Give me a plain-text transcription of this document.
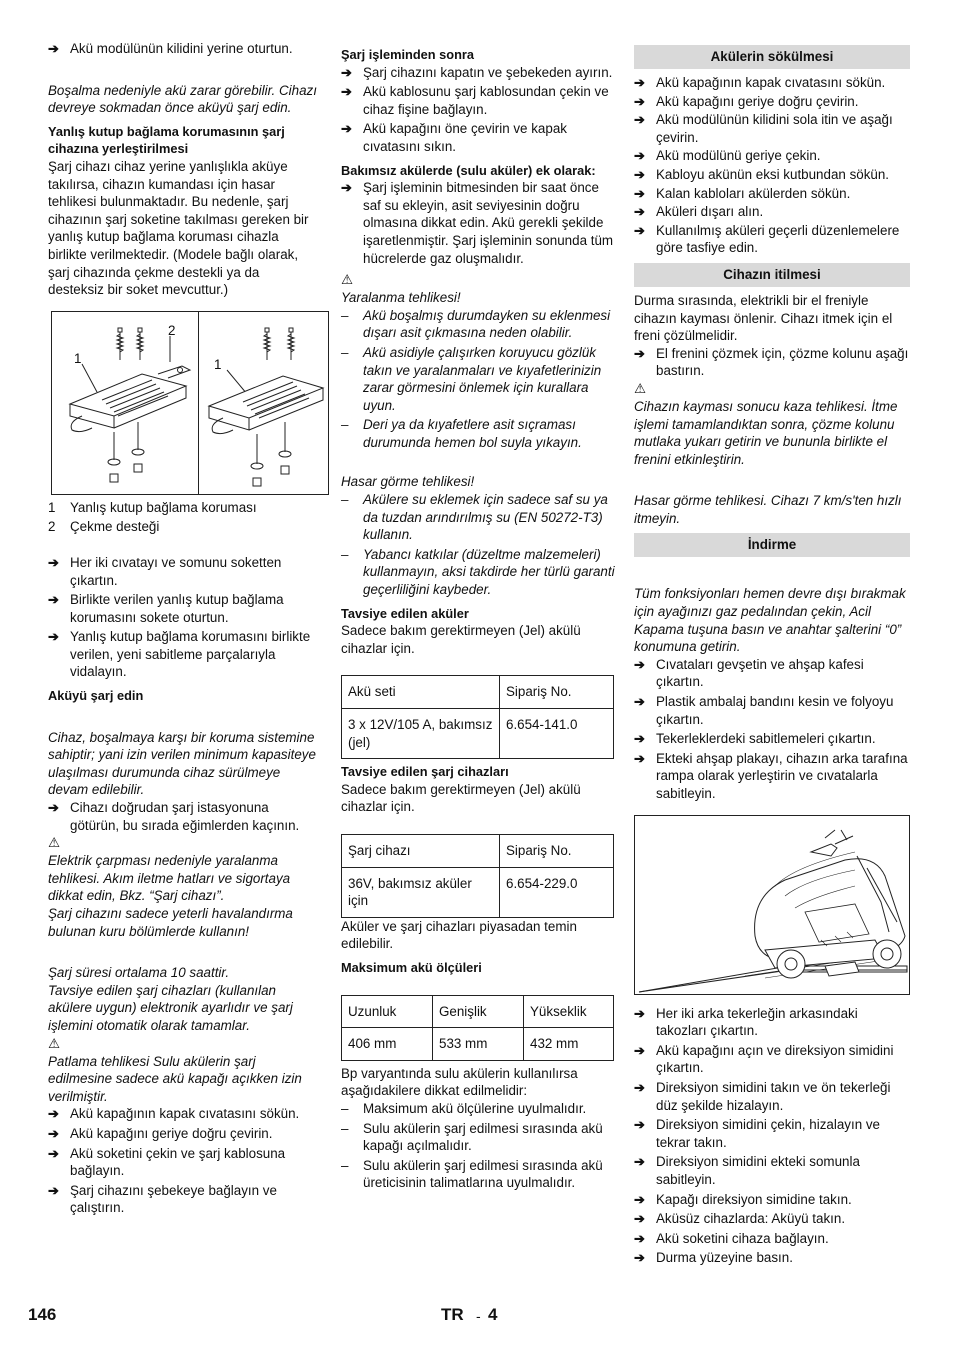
➔ Akü modülünün kilidini yerine oturtun.

Boşalma nedeniyle akü zarar görebilir. Cihazı devreye sokmadan önce aküyü şarj edin.

Yanlış kutup bağlama korumasının şarj cihazına yerleştirilmesi

Şarj cihazı cihaz yerine yanlışlıkla aküye takılırsa, cihazın kumandası için hasar tehlikesi bulunmaktadır. Bu nedenle, şarj cihazının şarj soketine takılması gereken bir yanlış kutup bağlama koruması cihazla birlikte verilmektedir. (Modele bağlı olarak, şarj cihazında çekme destekli ya da desteksiz bir soket mevcuttur.)

1
2
1

1 Yanlış kutup bağlama koruması

2 Çekme desteği

➔ Her iki cıvatayı ve somunu soketten çıkartın.

➔ Birlikte verilen yanlış kutup bağlama korumasını sokete oturtun.

➔ Yanlış kutup bağlama korumasını birlikte verilen, yeni sabitleme parçalarıyla vidalayın.

Aküyü şarj edin

Cihaz, boşalmaya karşı bir koruma sistemine sahiptir; yani izin verilen minimum kapasiteye ulaşılması durumunda cihaz sürülmeye devam edilebilir.

➔ Cihazı doğrudan şarj istasyonuna götürün, bu sırada eğimlerden kaçının.

⚠

Elektrik çarpması nedeniyle yaralanma tehlikesi. Akım iletme hatları ve sigortaya dikkat edin, Bkz. “Şarj cihazı”.

Şarj cihazını sadece yeterli havalandırma bulunan kuru bölümlerde kullanın!

Şarj süresi ortalama 10 saattir.

Tavsiye edilen şarj cihazları (kullanılan akülere uygun) elektronik ayarlıdır ve şarj işlemini otomatik olarak tamamlar.

⚠

Patlama tehlikesi Sulu akülerin şarj edilmesine sadece akü kapağı açıkken izin verilmiştir.

➔ Akü kapağının kapak cıvatasını sökün.

➔ Akü kapağını geriye doğru çevirin.

➔ Akü soketini çekin ve şarj kablosuna bağlayın.

➔ Şarj cihazını şebekeye bağlayın ve çalıştırın.

Şarj işleminden sonra

➔ Şarj cihazını kapatın ve şebekeden ayırın.

➔ Akü kablosunu şarj kablosundan çekin ve cihaz fişine bağlayın.

➔ Akü kapağını öne çevirin ve kapak cıvatasını sıkın.

Bakımsız akülerde (sulu aküler) ek olarak:

➔ Şarj işleminin bitmesinden bir saat önce saf su ekleyin, asit seviyesinin doğru olmasına dikkat edin. Akü gerekli şekilde işaretlenmiştir. Şarj işleminin sonunda tüm hücrelerde gaz oluşmalıdır.

⚠

Yaralanma tehlikesi!

– Akü boşalmış durumdayken su eklenmesi dışarı asit çıkmasına neden olabilir.

– Akü asidiyle çalışırken koruyucu gözlük takın ve yaralanmaları ve kıyafetlerinizin zarar görmesini önlemek için kurallara uyun.

– Deri ya da kıyafetlere asit sıçraması durumunda hemen bol suyla yıkayın.

Hasar görme tehlikesi!

– Akülere su eklemek için sadece saf su ya da tuzdan arındırılmış su (EN 50272-T3) kullanın.

– Yabancı katkılar (düzeltme malzemeleri) kullanmayın, aksi takdirde her türlü garanti geçerliliğini kaybeder.

Tavsiye edilen aküler

Sadece bakım gerektirmeyen (Jel) akülü cihazlar için.

Akü seti	Sipariş No.
3 x 12V/105 A, bakımsız (jel)	6.654-141.0

Tavsiye edilen şarj cihazları

Sadece bakım gerektirmeyen (Jel) akülü cihazlar için.

Şarj cihazı	Sipariş No.
36V, bakımsız aküler için	6.654-229.0

Aküler ve şarj cihazları piyasadan temin edilebilir.

Maksimum akü ölçüleri

Uzunluk	Genişlik	Yükseklik
406 mm	533 mm	432 mm

Bp varyantında sulu akülerin kullanılırsa aşağıdakilere dikkat edilmelidir:

– Maksimum akü ölçülerine uyulmalıdır.

– Sulu akülerin şarj edilmesi sırasında akü kapağı açılmalıdır.

– Sulu akülerin şarj edilmesi sırasında akü üreticisinin talimatlarına uyulmalıdır.

Akülerin sökülmesi

➔ Akü kapağının kapak cıvatasını sökün.

➔ Akü kapağını geriye doğru çevirin.

➔ Akü modülünün kilidini sola itin ve aşağı çevirin.

➔ Akü modülünü geriye çekin.

➔ Kabloyu akünün eksi kutbundan sökün.

➔ Kalan kabloları akülerden sökün.

➔ Aküleri dışarı alın.

➔ Kullanılmış aküleri geçerli düzenlemelere göre tasfiye edin.

Cihazın itilmesi

Durma sırasında, elektrikli bir el freniyle cihazın kayması önlenir. Cihazı itmek için el freni çözülmelidir.

➔ El frenini çözmek için, çözme kolunu aşağı bastırın.

⚠

Cihazın kayması sonucu kaza tehlikesi. İtme işlemi tamamlandıktan sonra, çözme kolunu mutlaka yukarı getirin ve bununla birlikte el frenini etkinleştirin.

Hasar görme tehlikesi. Cihazı 7 km/s'ten hızlı itmeyin.

İndirme

Tüm fonksiyonları hemen devre dışı bırakmak için ayağınızı gaz pedalından çekin, Acil Kapama tuşuna basın ve anahtar şalterini “0” konumuna getirin.

➔ Cıvataları gevşetin ve ahşap kafesi çıkartın.

➔ Plastik ambalaj bandını kesin ve folyoyu çıkartın.

➔ Tekerleklerdeki sabitlemeleri çıkartın.

➔ Ekteki ahşap plakayı, cihazın arka tarafına rampa olarak yerleştirin ve cıvatalarla sabitleyin.

➔ Her iki arka tekerleğin arkasındaki takozları çıkartın.

➔ Akü kapağını açın ve direksiyon simidini çıkartın.

➔ Direksiyon simidini takın ve ön tekerleği düz şekilde hizalayın.

➔ Direksiyon simidini çekin, hizalayın ve tekrar takın.

➔ Direksiyon simidini ekteki somunla sabitleyin.

➔ Kapağı direksiyon simidine takın.

➔ Aküsüz cihazlarda: Aküyü takın.

➔ Akü soketini cihaza bağlayın.

➔ Durma yüzeyine basın.

146	TR - 4
